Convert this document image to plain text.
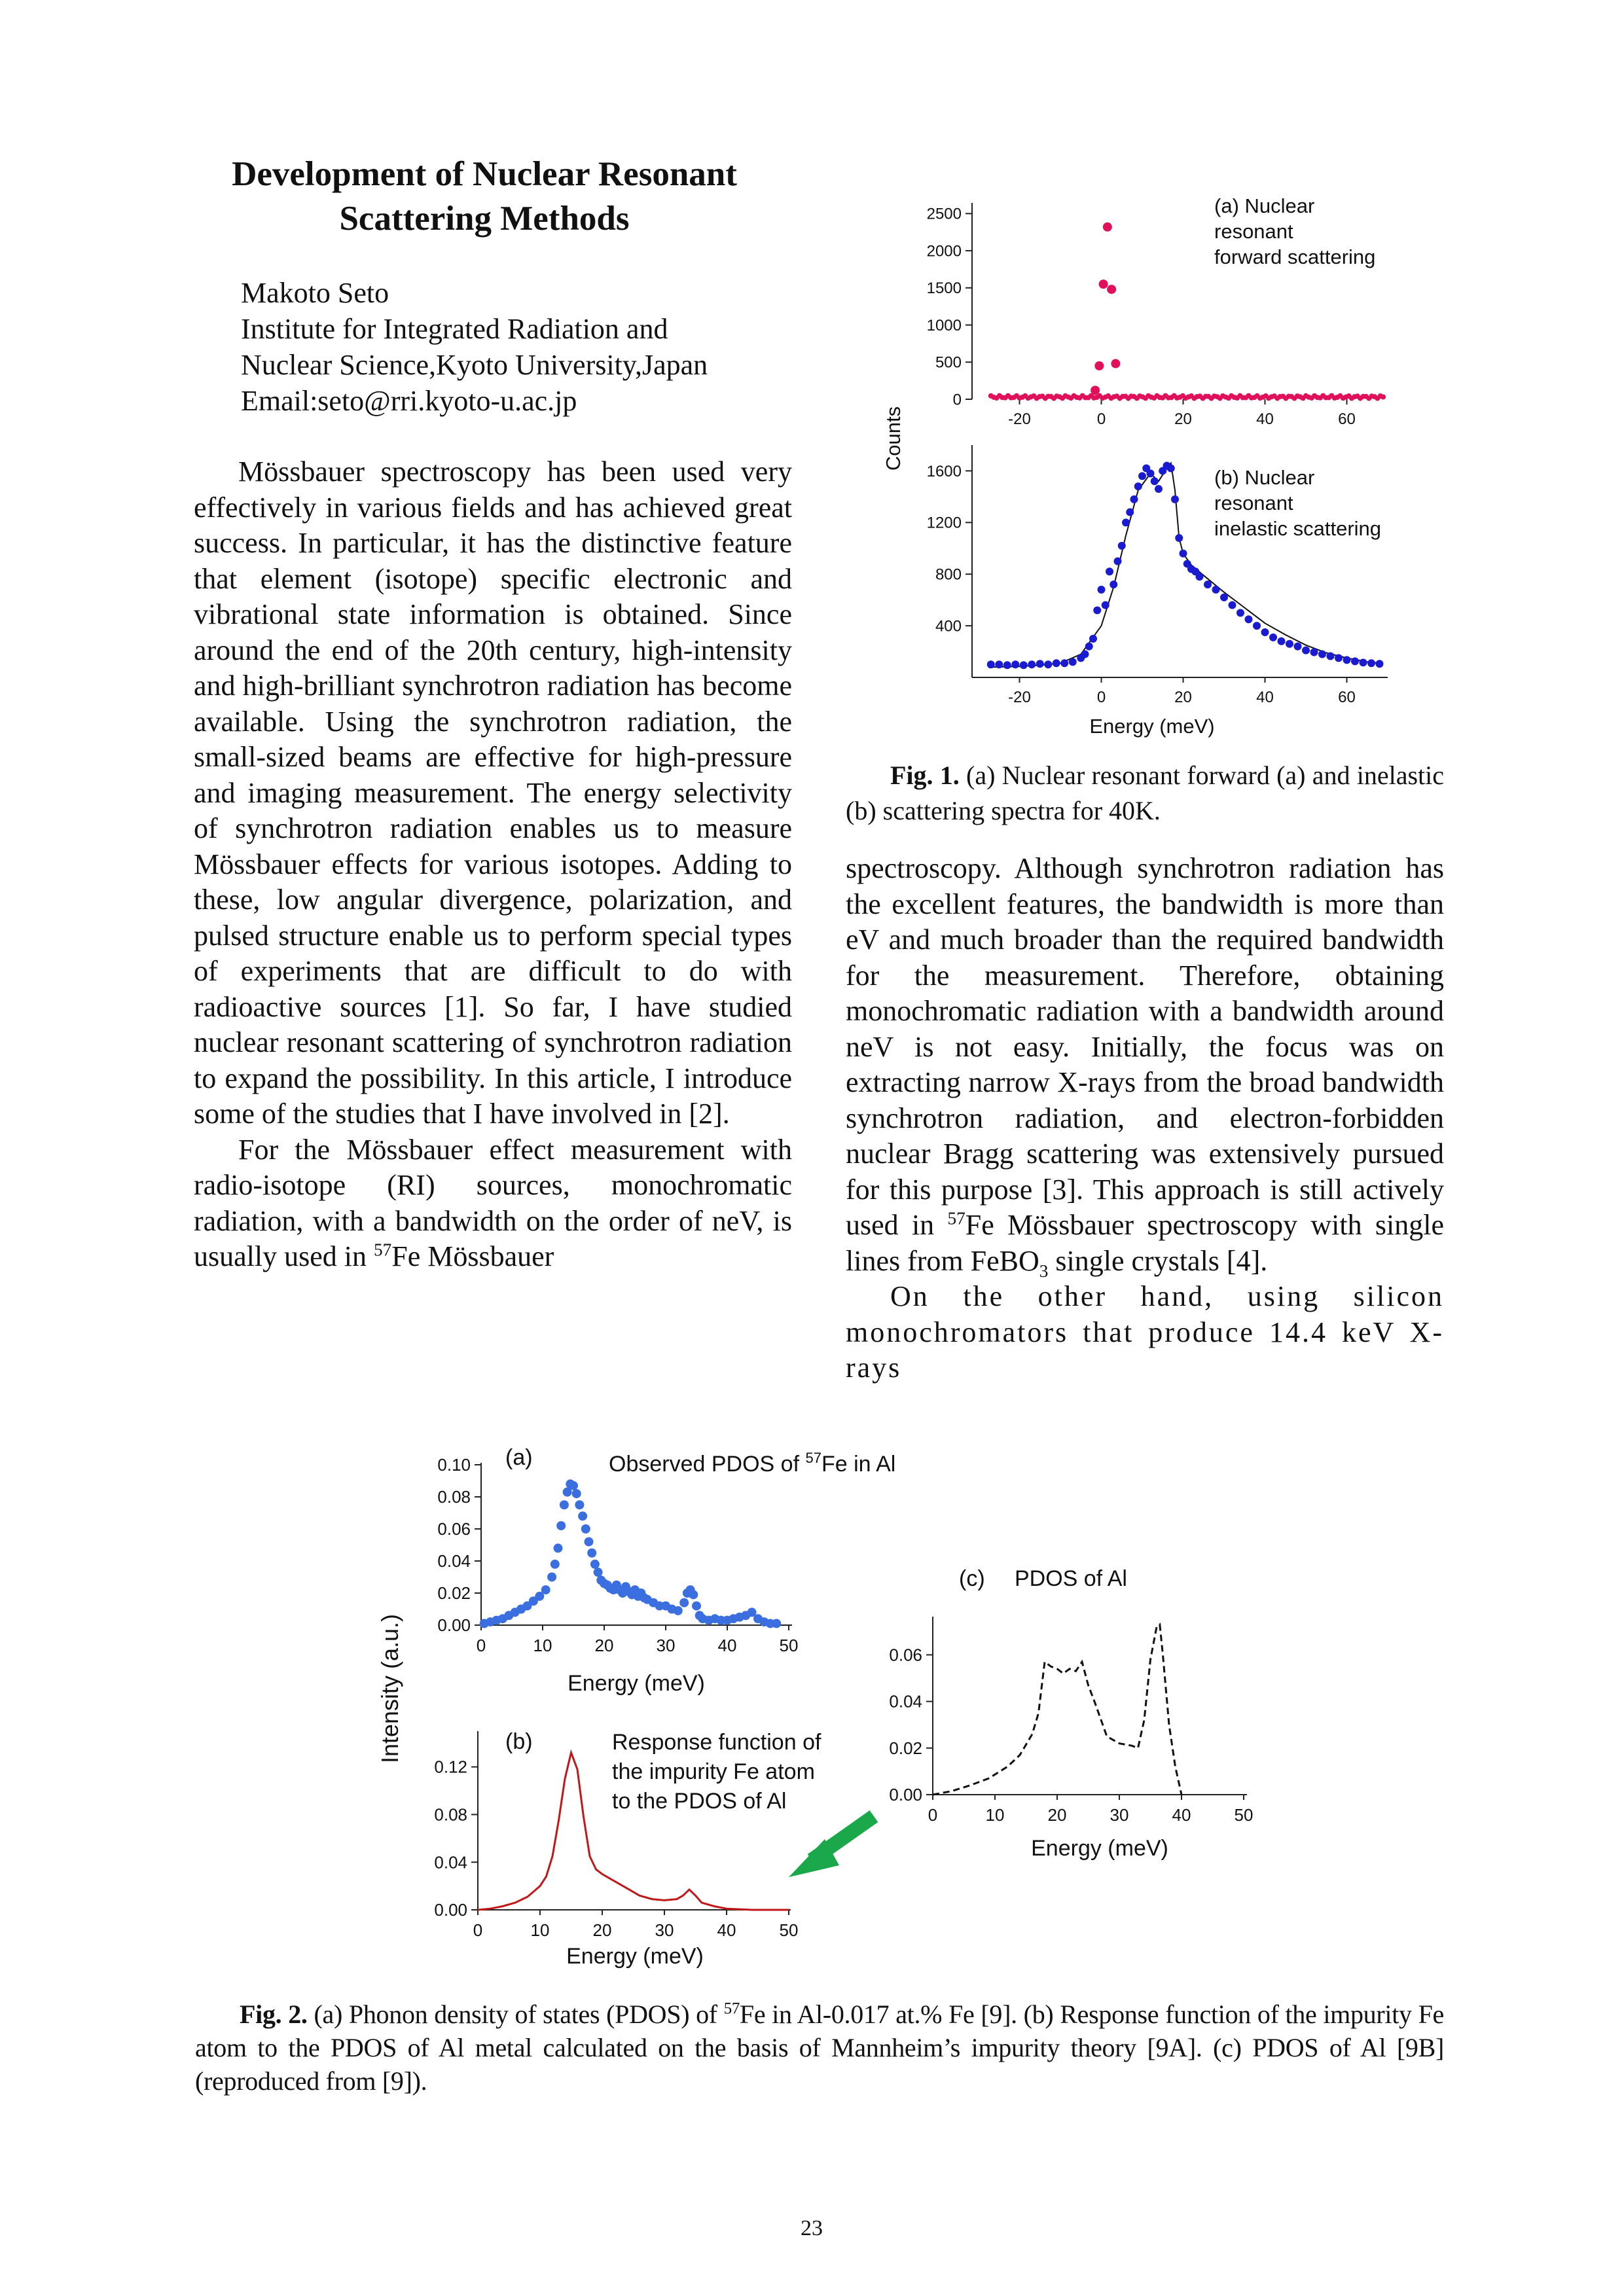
Development of Nuclear Resonant
Scattering Methods
Makoto Seto
Institute for Integrated Radiation and
Nuclear Science,Kyoto University,Japan
Email:seto@rri.kyoto-u.ac.jp

Mössbauer spectroscopy has been used very effectively in various fields and has achieved great success. In particular, it has the distinctive feature that element (isotope) specific electronic and vibrational state information is obtained. Since around the end of the 20th century, high-intensity and high-brilliant synchrotron radiation has become available. Using the synchrotron radiation, the small-sized beams are effective for high-pressure and imaging measurement. The energy selectivity of synchrotron radiation enables us to measure Mössbauer effects for various isotopes. Adding to these, low angular divergence, polarization, and pulsed structure enable us to perform special types of experiments that are difficult to do with radioactive sources [1]. So far, I have studied nuclear resonant scattering of synchrotron radiation to expand the possibility. In this article, I introduce some of the studies that I have involved in [2].

For the Mössbauer effect measurement with radio-isotope (RI) sources, monochromatic radiation, with a bandwidth on the order of neV, is usually used in $^{57}$Fe Mössbauer

spectroscopy. Although synchrotron radiation has the excellent features, the bandwidth is more than eV and much broader than the required bandwidth for the measurement. Therefore, obtaining monochromatic radiation with a bandwidth around neV is not easy. Initially, the focus was on extracting narrow X-rays from the broad bandwidth synchrotron radiation, and electron-forbidden nuclear Bragg scattering was extensively pursued for this purpose [3]. This approach is still actively used in $^{57}$Fe Mössbauer spectroscopy with single lines from FeBO$_3$ single crystals [4].

On the other hand, using silicon monochromators that produce 14.4 keV X-rays

Fig. 1. (a) Nuclear resonant forward (a) and inelastic (b) scattering spectra for 40K.
Fig. 2. (a) Phonon density of states (PDOS) of $^{57}$Fe in Al-0.017 at.% Fe [9]. (b) Response function of the impurity Fe atom to the PDOS of Al metal calculated on the basis of Mannheim’s impurity theory [9A]. (c) PDOS of Al [9B] (reproduced from [9]).
23
0
500
1000
1500
2000
2500
-20	0	20	40	60
(a) Nuclear
resonant
forward scattering
Counts
400
800
1200
1600
-20	0	20	40	60
(b) Nuclear
resonant
inelastic scattering
Energy (meV)
Intensity (a.u.) 0.00
0.02
0.04
0.06
0.08
0.10
0	10	20	30	40	50
(a)	Observed PDOS of $^{57}$Fe in Al
Energy (meV)
0.00
0.04
0.08
0.12
0	10	20	30	40	50
(b)	Response function of
the impurity Fe atom
to the PDOS of Al
Energy (meV)
0.00
0.02
0.04
0.06
0	10	20	30	40	50
(c) PDOS of Al
Energy (meV)
